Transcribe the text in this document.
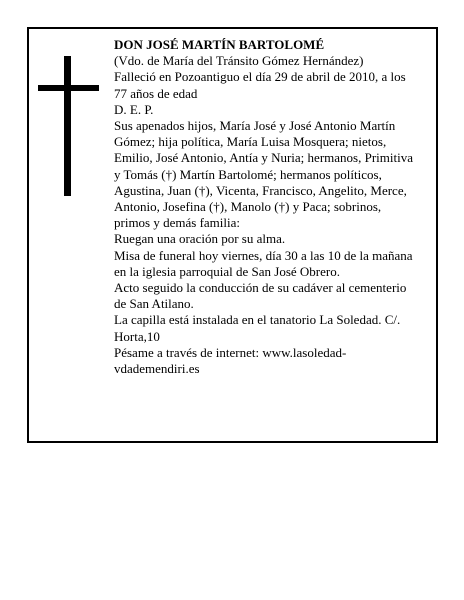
DON JOSÉ MARTÍN BARTOLOMÉ

(Vdo. de María del Tránsito Gómez Hernández)

Falleció en Pozoantiguo el día 29 de abril de 2010, a los 77 años de edad

D. E. P.

Sus apenados hijos, María José y José Antonio Martín Gómez; hija política, María Luisa Mosquera; nietos, Emilio, José Antonio, Antía y Nuria; hermanos, Primitiva y Tomás (†) Martín Bartolomé; hermanos políticos, Agustina, Juan (†), Vicenta, Francisco, Angelito, Merce, Antonio, Josefina (†), Manolo (†) y Paca; sobrinos, primos y demás familia:

Ruegan una oración por su alma.

Misa de funeral hoy viernes, día 30 a las 10 de la mañana en la iglesia parroquial de San José Obrero.

Acto seguido la conducción de su cadáver al cementerio de San Atilano.

La capilla está instalada en el tanatorio La Soledad. C/. Horta,10

Pésame a través de internet: www.lasoledad-vdademendiri.es
